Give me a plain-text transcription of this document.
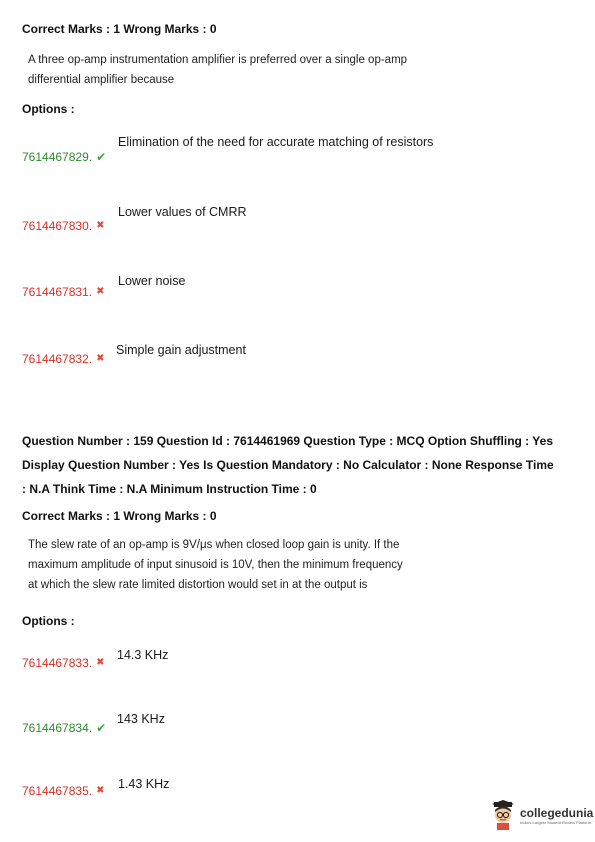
Correct Marks : 1 Wrong Marks : 0
A three op-amp instrumentation amplifier is preferred over a single op-amp
differential amplifier because
Options :
7614467829. ✔
Elimination of the need for accurate matching of resistors
7614467830. ✖
Lower values of CMRR
7614467831. ✖
Lower noise
7614467832. ✖
Simple gain adjustment
Question Number : 159 Question Id : 7614461969 Question Type : MCQ Option Shuffling : Yes
Display Question Number : Yes Is Question Mandatory : No Calculator : None Response Time
: N.A Think Time : N.A Minimum Instruction Time : 0
Correct Marks : 1 Wrong Marks : 0
The slew rate of an op-amp is 9V/μs when closed loop gain is unity. If the
maximum amplitude of input sinusoid is 10V, then the minimum frequency
at which the slew rate limited distortion would set in at the output is
Options :
7614467833. ✖
14.3 KHz
7614467834. ✔
143 KHz
7614467835. ✖ 1.43 KHz
collegedunia
India's Largest Student Review Platform
